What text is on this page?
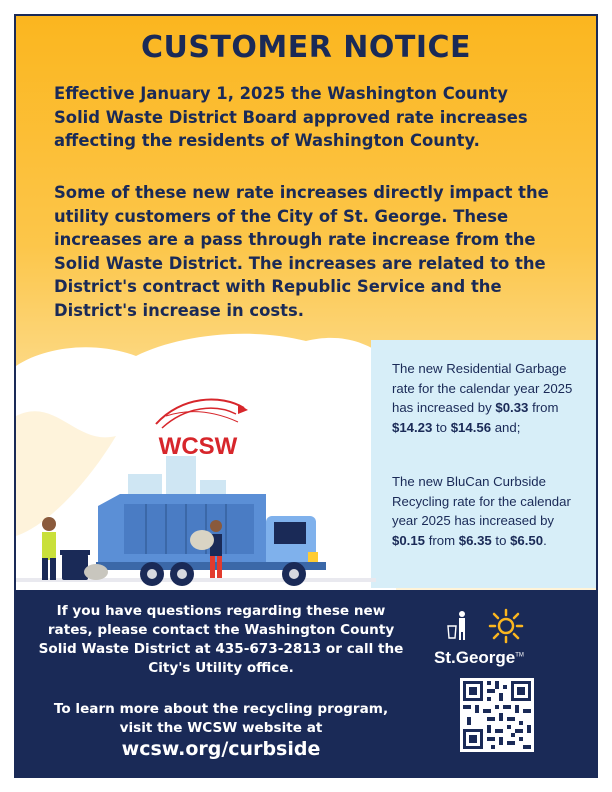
CUSTOMER NOTICE
Effective January 1, 2025 the Washington County Solid Waste District Board approved rate increases affecting the residents of Washington County.
Some of these new rate increases directly impact the utility customers of the City of St. George. These increases are a pass through rate increase from the Solid Waste District. The increases are related to the District's contract with Republic Service and the District's increase in costs.
The new Residential Garbage rate for the calendar year 2025 has increased by $0.33 from $14.23 to $14.56 and;
The new BluCan Curbside Recycling rate for the calendar year 2025 has increased by $0.15 from $6.35 to $6.50.
WCSW
If you have questions regarding these new rates, please contact the Washington County Solid Waste District at 435-673-2813 or call the City's Utility office.
To learn more about the recycling program, visit the WCSW website at
wcsw.org/curbside
St.George™
